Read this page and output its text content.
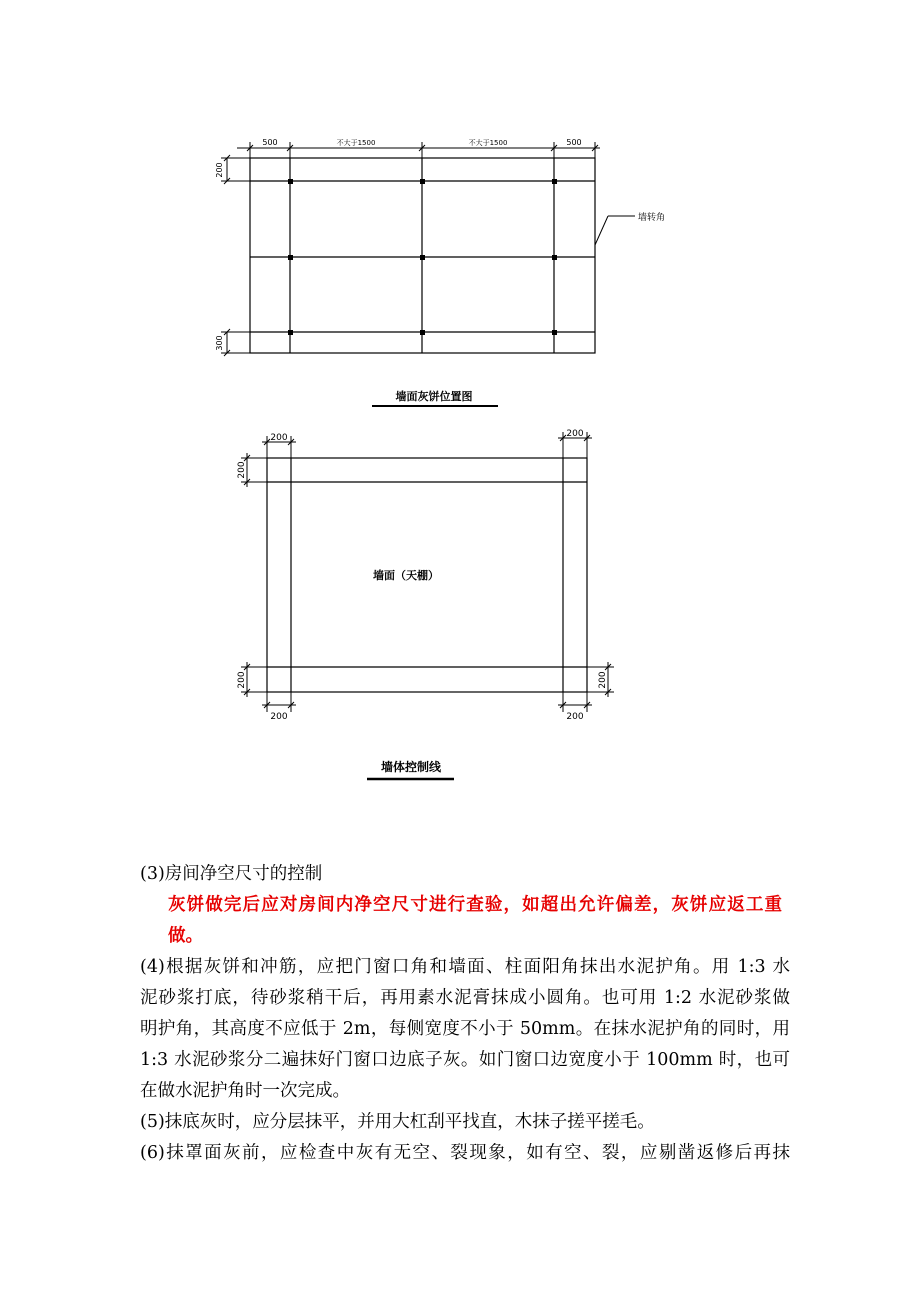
500	不大于1500	不大于1500	500
200
300
墙转角
墙面灰饼位置图
墙面（天棚）
200	200
200
200	200
200	200
墙体控制线
(3)房间净空尺寸的控制
灰饼做完后应对房间内净空尺寸进行查验，如超出允许偏差，灰饼应返工重
做。
(4)根据灰饼和冲筋，应把门窗口角和墙面、柱面阳角抹出水泥护角。用 1:3 水
泥砂浆打底，待砂浆稍干后，再用素水泥膏抹成小圆角。也可用 1:2 水泥砂浆做
明护角，其高度不应低于 2m，每侧宽度不小于 50mm。在抹水泥护角的同时，用
1:3 水泥砂浆分二遍抹好门窗口边底子灰。如门窗口边宽度小于 100mm 时，也可
在做水泥护角时一次完成。
(5)抹底灰时，应分层抹平，并用大杠刮平找直，木抹子搓平搓毛。
(6)抹罩面灰前，应检查中灰有无空、裂现象，如有空、裂，应剔凿返修后再抹
